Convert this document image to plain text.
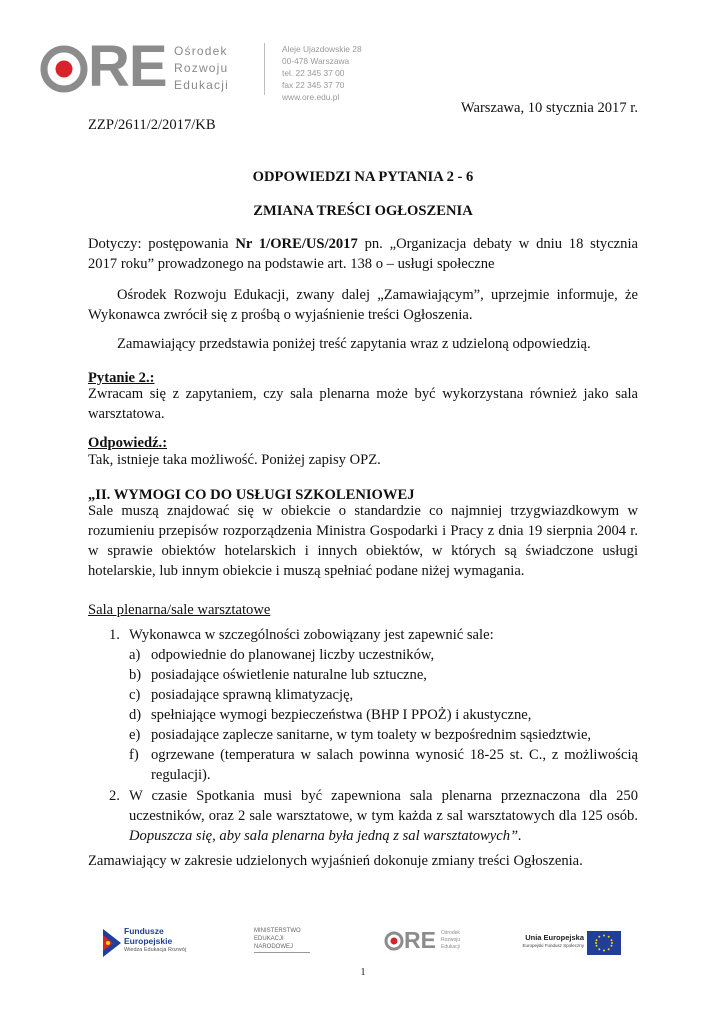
RE Ośrodek
Rozwoju
Edukacji
Aleje Ujazdowskie 28
00-478 Warszawa
tel. 22 345 37 00
fax 22 345 37 70
www.ore.edu.pl
Warszawa, 10 stycznia 2017 r.
ZZP/2611/2/2017/KB
ODPOWIEDZI NA PYTANIA 2 - 6
ZMIANA TREŚCI OGŁOSZENIA
Dotyczy: postępowania Nr 1/ORE/US/2017 pn. „Organizacja debaty w dniu 18 stycznia 2017 roku” prowadzonego na podstawie art. 138 o – usługi społeczne
Ośrodek Rozwoju Edukacji, zwany dalej „Zamawiającym”, uprzejmie informuje, że Wykonawca zwrócił się z prośbą o wyjaśnienie treści Ogłoszenia.
Zamawiający przedstawia poniżej treść zapytania wraz z udzieloną odpowiedzią.
Pytanie 2.:
Zwracam się z zapytaniem, czy sala plenarna może być wykorzystana również jako sala warsztatowa.
Odpowiedź.:
Tak, istnieje taka możliwość. Poniżej zapisy OPZ.
„II. WYMOGI CO DO USŁUGI SZKOLENIOWEJ
Sale muszą znajdować się w obiekcie o standardzie co najmniej trzygwiazdkowym w rozumieniu przepisów rozporządzenia Ministra Gospodarki i Pracy z dnia 19 sierpnia 2004 r. w sprawie obiektów hotelarskich i innych obiektów, w których są świadczone usługi hotelarskie, lub innym obiekcie i muszą spełniać podane niżej wymagania.
Sala plenarna/sale warsztatowe
1. Wykonawca w szczególności zobowiązany jest zapewnić sale:
a) odpowiednie do planowanej liczby uczestników,
b) posiadające oświetlenie naturalne lub sztuczne,
c) posiadające sprawną klimatyzację,
d) spełniające wymogi bezpieczeństwa (BHP I PPOŻ) i akustyczne,
e) posiadające zaplecze sanitarne, w tym toalety w bezpośrednim sąsiedztwie,
f) ogrzewane (temperatura w salach powinna wynosić 18-25 st. C., z możliwością regulacji).
2. W czasie Spotkania musi być zapewniona sala plenarna przeznaczona dla 250 uczestników, oraz 2 sale warsztatowe, w tym każda z sal warsztatowych dla 125 osób. Dopuszcza się, aby sala plenarna była jedną z sal warsztatowych”.
Zamawiający w zakresie udzielonych wyjaśnień dokonuje zmiany treści Ogłoszenia.
Fundusze
Europejskie
Wiedza Edukacja Rozwój
MINISTERSTWO
EDUKACJI
NARODOWEJ	RE Ośrodek
Rozwoju
Edukacji
Unia Europejska
Europejski Fundusz Społeczny
1
